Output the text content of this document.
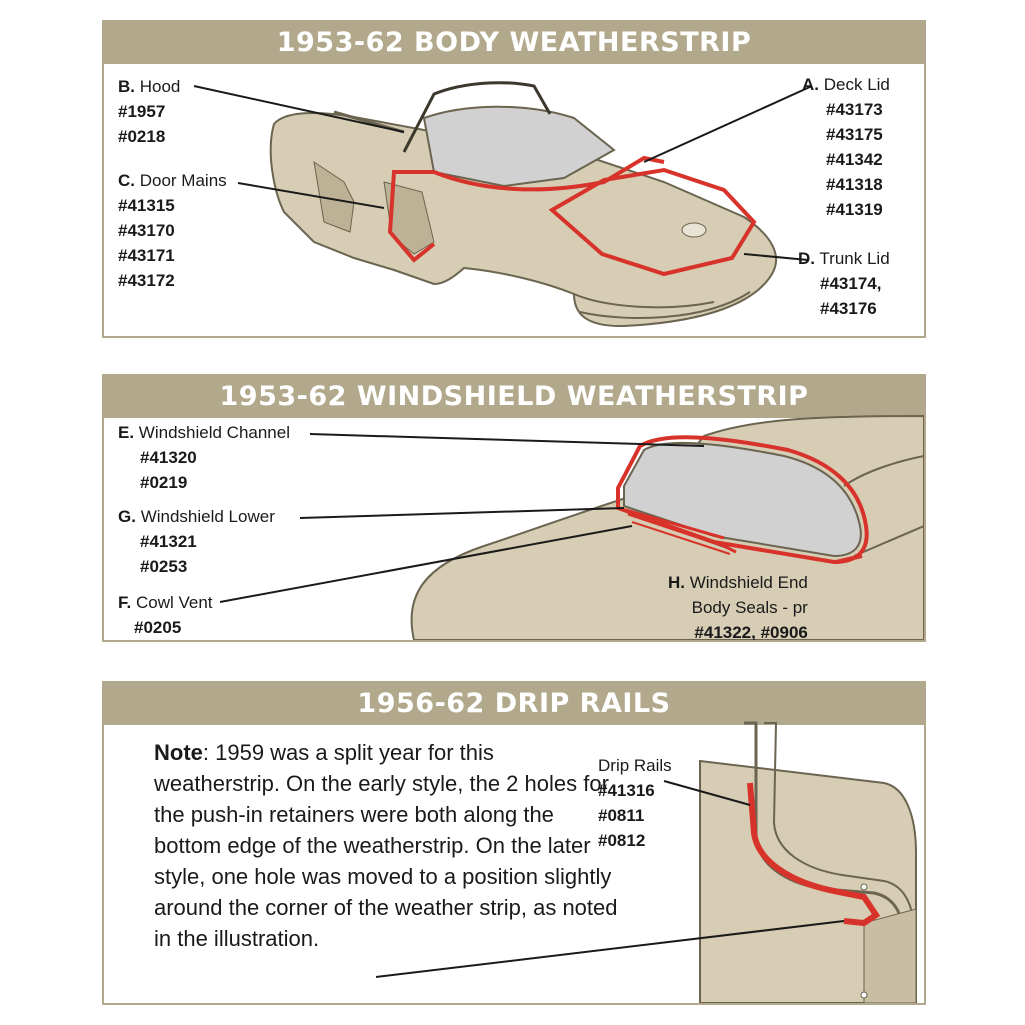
1953-62 BODY WEATHERSTRIP
B. Hood
#1957
#0218
C. Door Mains
#41315
#43170
#43171
#43172
A. Deck Lid
#43173
#43175
#41342
#41318
#41319
D. Trunk Lid
#43174,
#43176
1953-62 WINDSHIELD WEATHERSTRIP
E. Windshield Channel
#41320
#0219
G. Windshield Lower
#41321
#0253
F. Cowl Vent
#0205
H. Windshield End
Body Seals - pr
#41322, #0906
1956-62 DRIP RAILS
Note: 1959 was a split year for this weatherstrip. On the early style, the 2 holes for the push-in retainers were both along the bottom edge of the weatherstrip. On the later style, one hole was moved to a position slightly around the corner of the weather strip, as noted in the illustration.
Drip Rails
#41316
#0811
#0812
